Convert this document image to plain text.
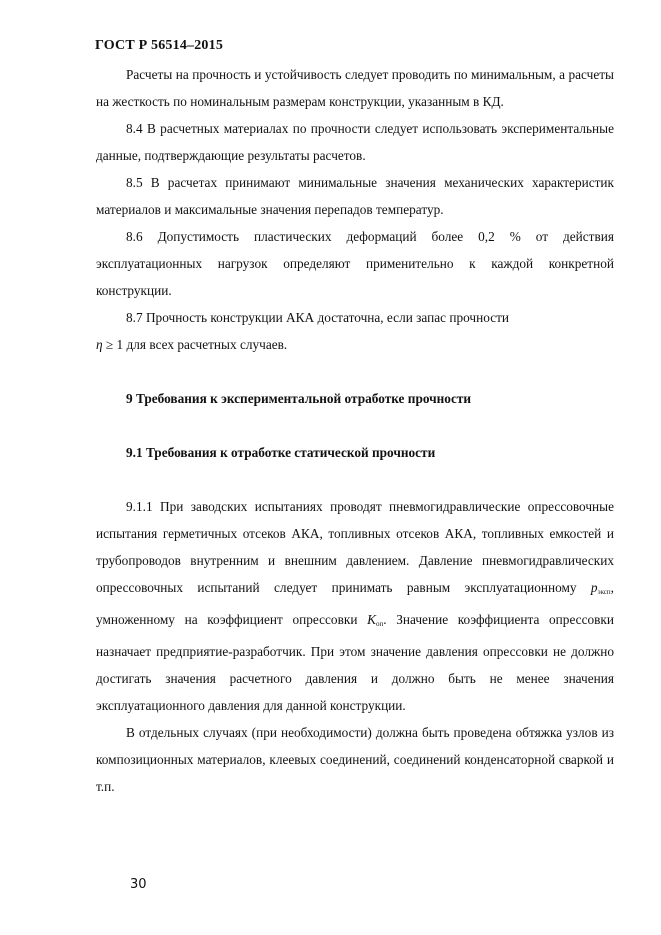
ГОСТ Р 56514–2015

Расчеты на прочность и устойчивость следует проводить по минимальным, а расчеты на жесткость по номинальным размерам конструкции, указанным в КД.

8.4 В расчетных материалах по прочности следует использовать экспериментальные данные, подтверждающие результаты расчетов.

8.5 В расчетах принимают минимальные значения механических характеристик материалов и максимальные значения перепадов температур.

8.6 Допустимость пластических деформаций более 0,2 % от действия эксплуатационных нагрузок определяют применительно к каждой конкретной конструкции.

8.7 Прочность конструкции АКА достаточна, если запас прочности
η ≥ 1 для всех расчетных случаев.

9 Требования к экспериментальной отработке прочности
9.1 Требования к отработке статической прочности

9.1.1 При заводских испытаниях проводят пневмогидравлические опрессовочные испытания герметичных отсеков АКА, топливных отсеков АКА, топливных емкостей и трубопроводов внутренним и внешним давлением. Давление пневмогидравлических опрессовочных испытаний следует принимать равным эксплуатационному $p_{эксп}$, умноженному на коэффициент опрессовки $K_{оп}$. Значение коэффициента опрессовки назначает предприятие-разработчик. При этом значение давления опрессовки не должно достигать значения расчетного давления и должно быть не менее значения эксплуатационного давления для данной конструкции.

В отдельных случаях (при необходимости) должна быть проведена обтяжка узлов из композиционных материалов, клеевых соединений, соединений конденсаторной сваркой и т.п.

30
